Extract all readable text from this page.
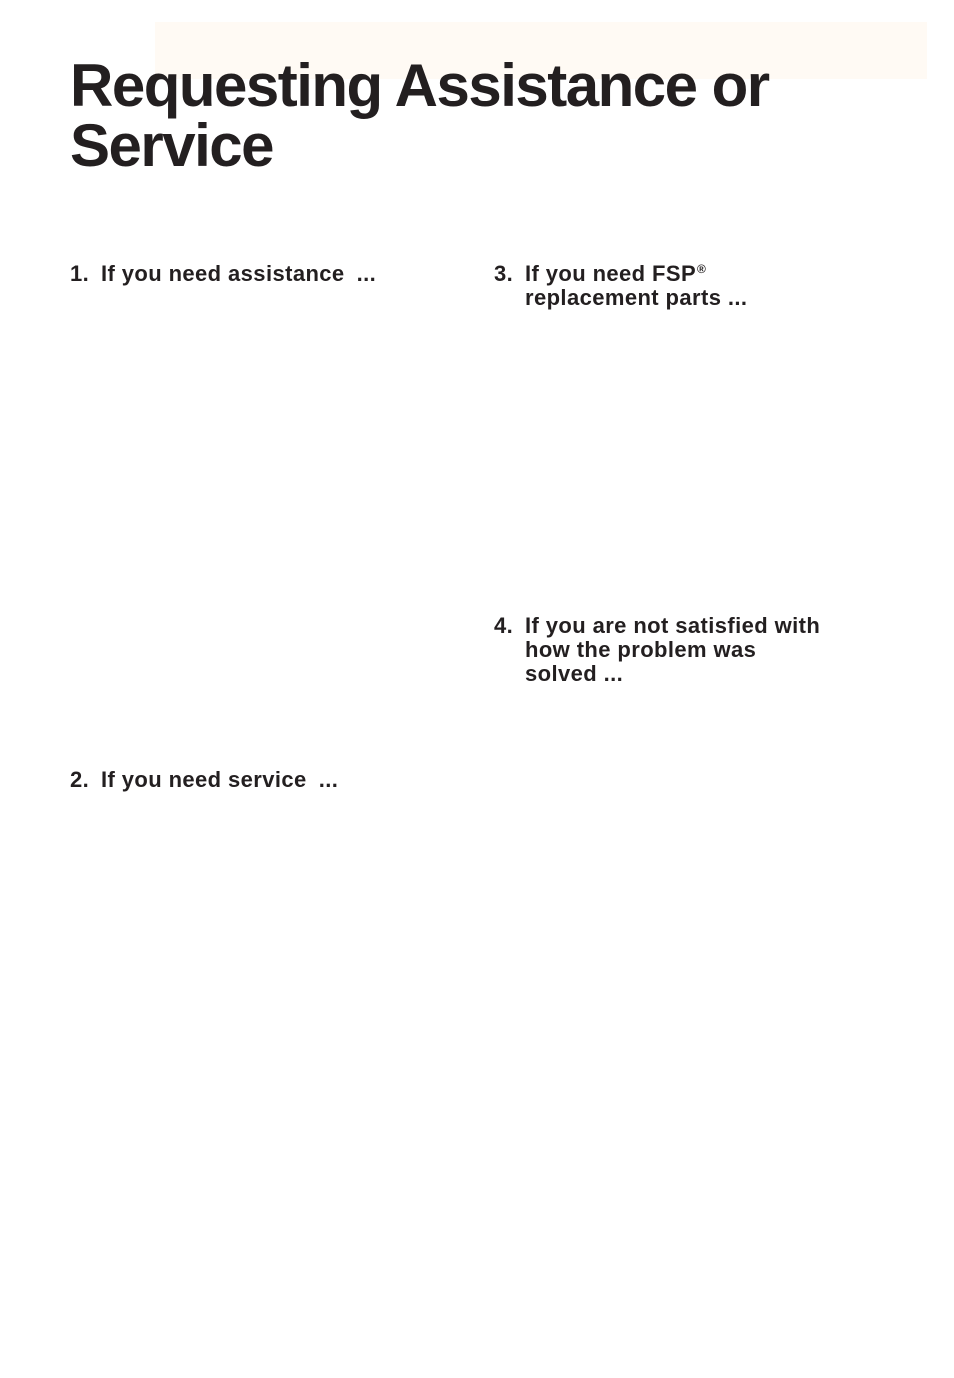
Requesting Assistance or
Service
1. If you need assistance ...
2. If you need service ...
3. If you need FSP®
replacement parts ...
4. If you are not satisfied with
how the problem was
solved ...
